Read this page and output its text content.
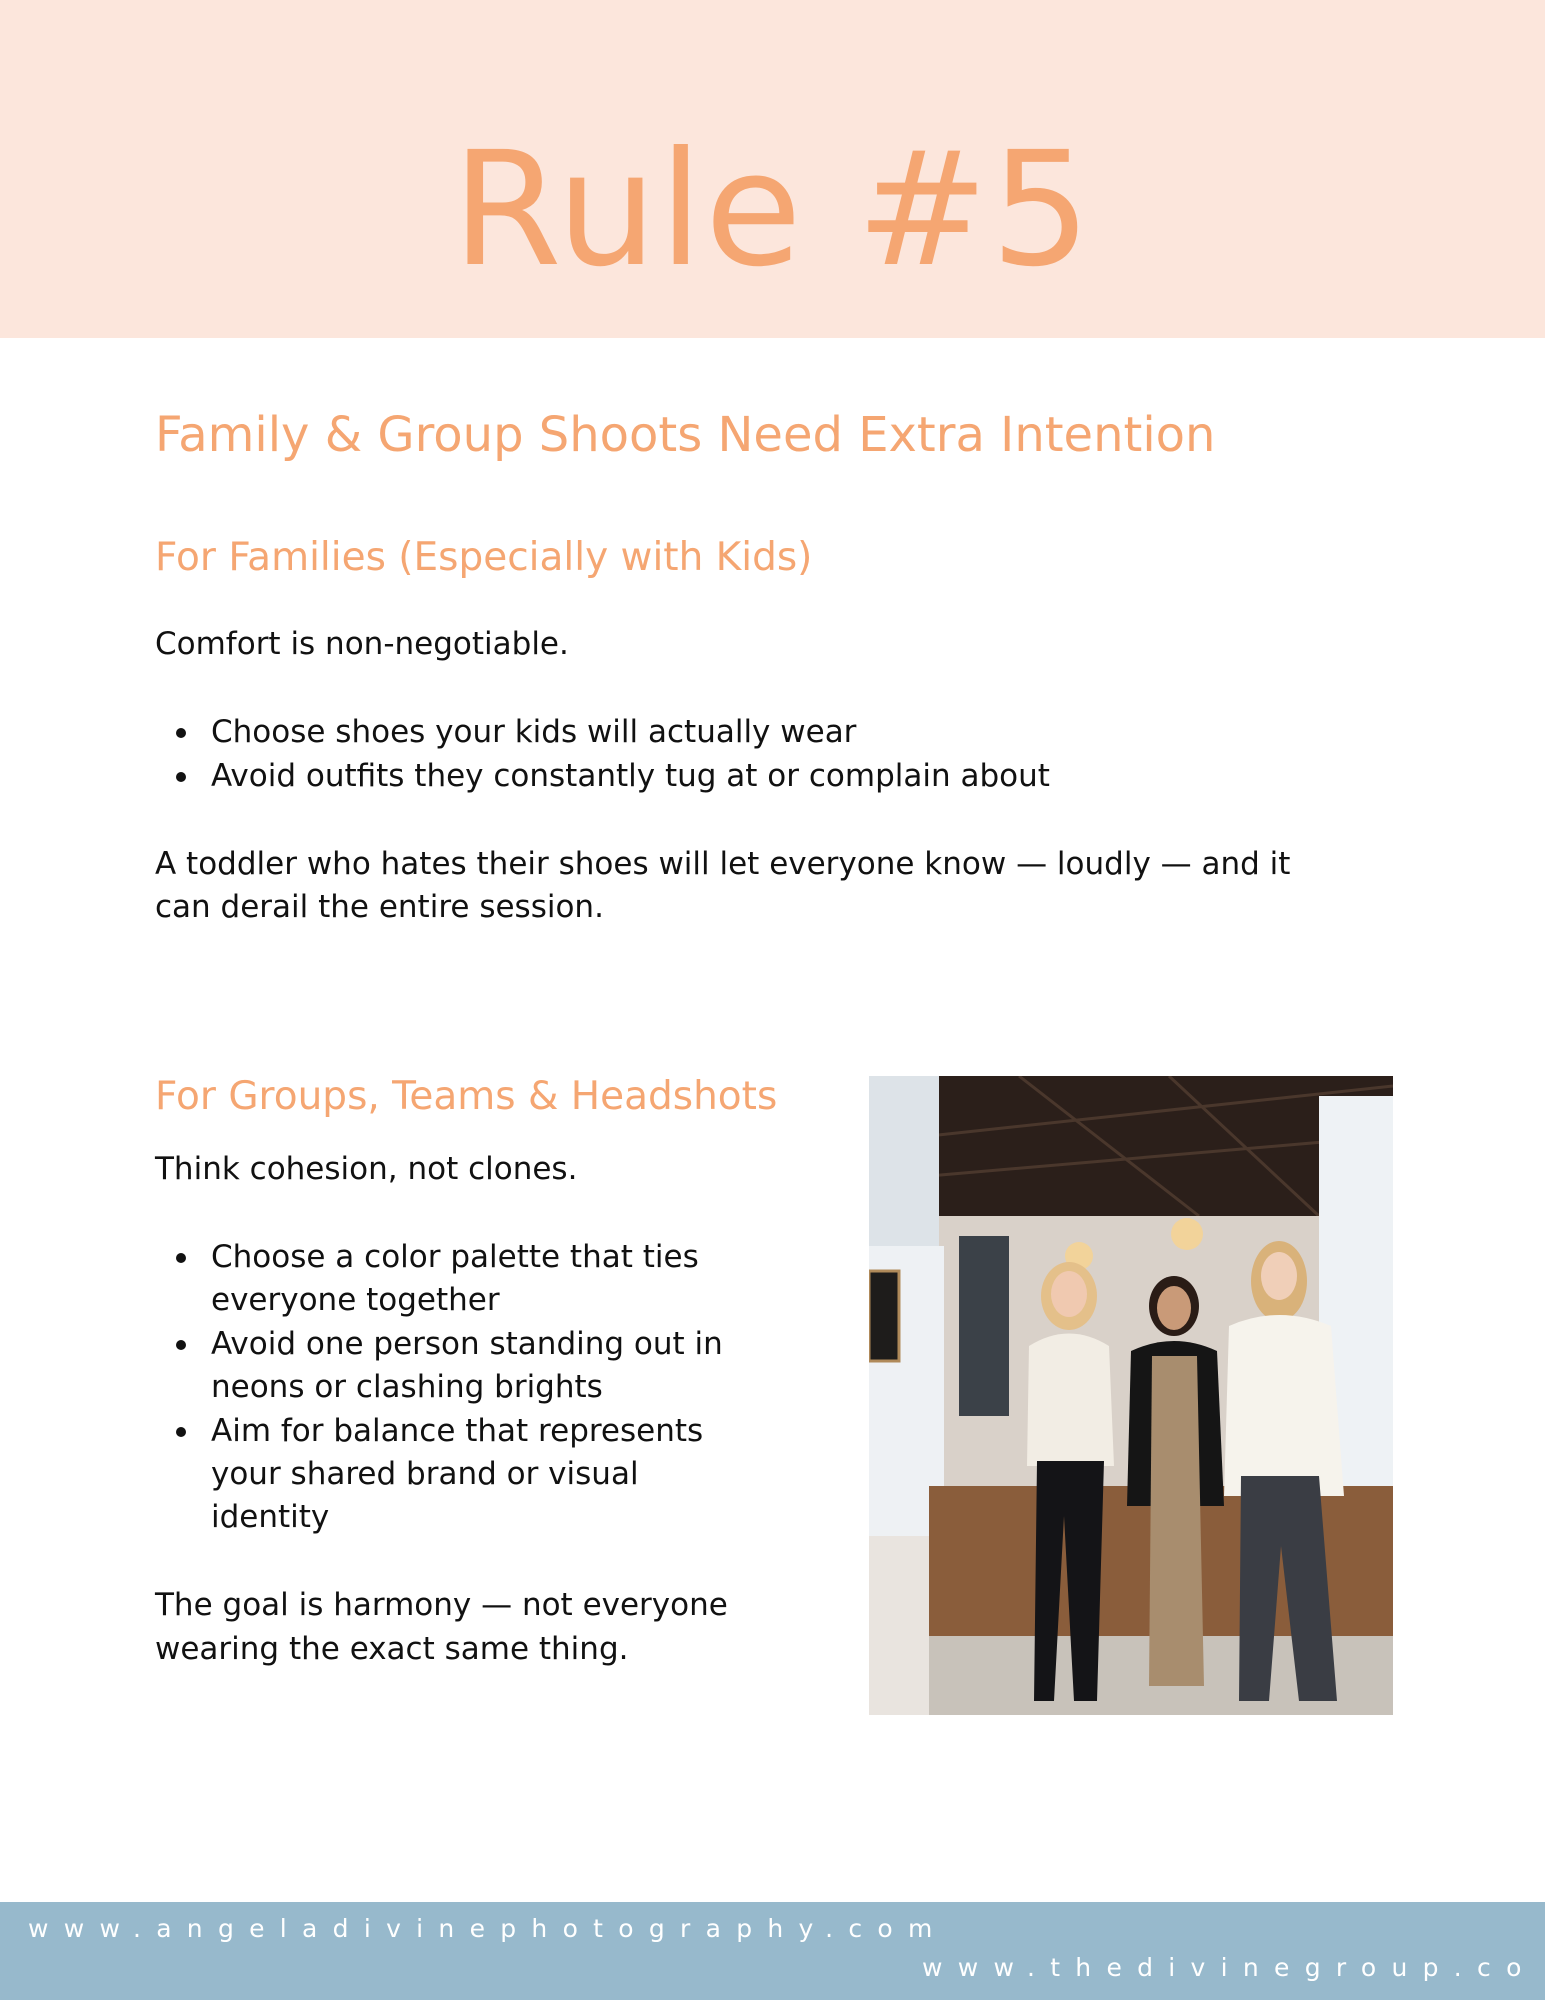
Rule #5
Family & Group Shoots Need Extra Intention
For Families (Especially with Kids)
Comfort is non-negotiable.
Choose shoes your kids will actually wear
Avoid outfits they constantly tug at or complain about
A toddler who hates their shoes will let everyone know — loudly — and it
can derail the entire session.
For Groups, Teams & Headshots
Think cohesion, not clones.
Choose a color palette that ties
everyone together
Avoid one person standing out in
neons or clashing brights
Aim for balance that represents
your shared brand or visual
identity
The goal is harmony — not everyone
wearing the exact same thing.
www.angeladivinephotography.com
www.thedivinegroup.co
